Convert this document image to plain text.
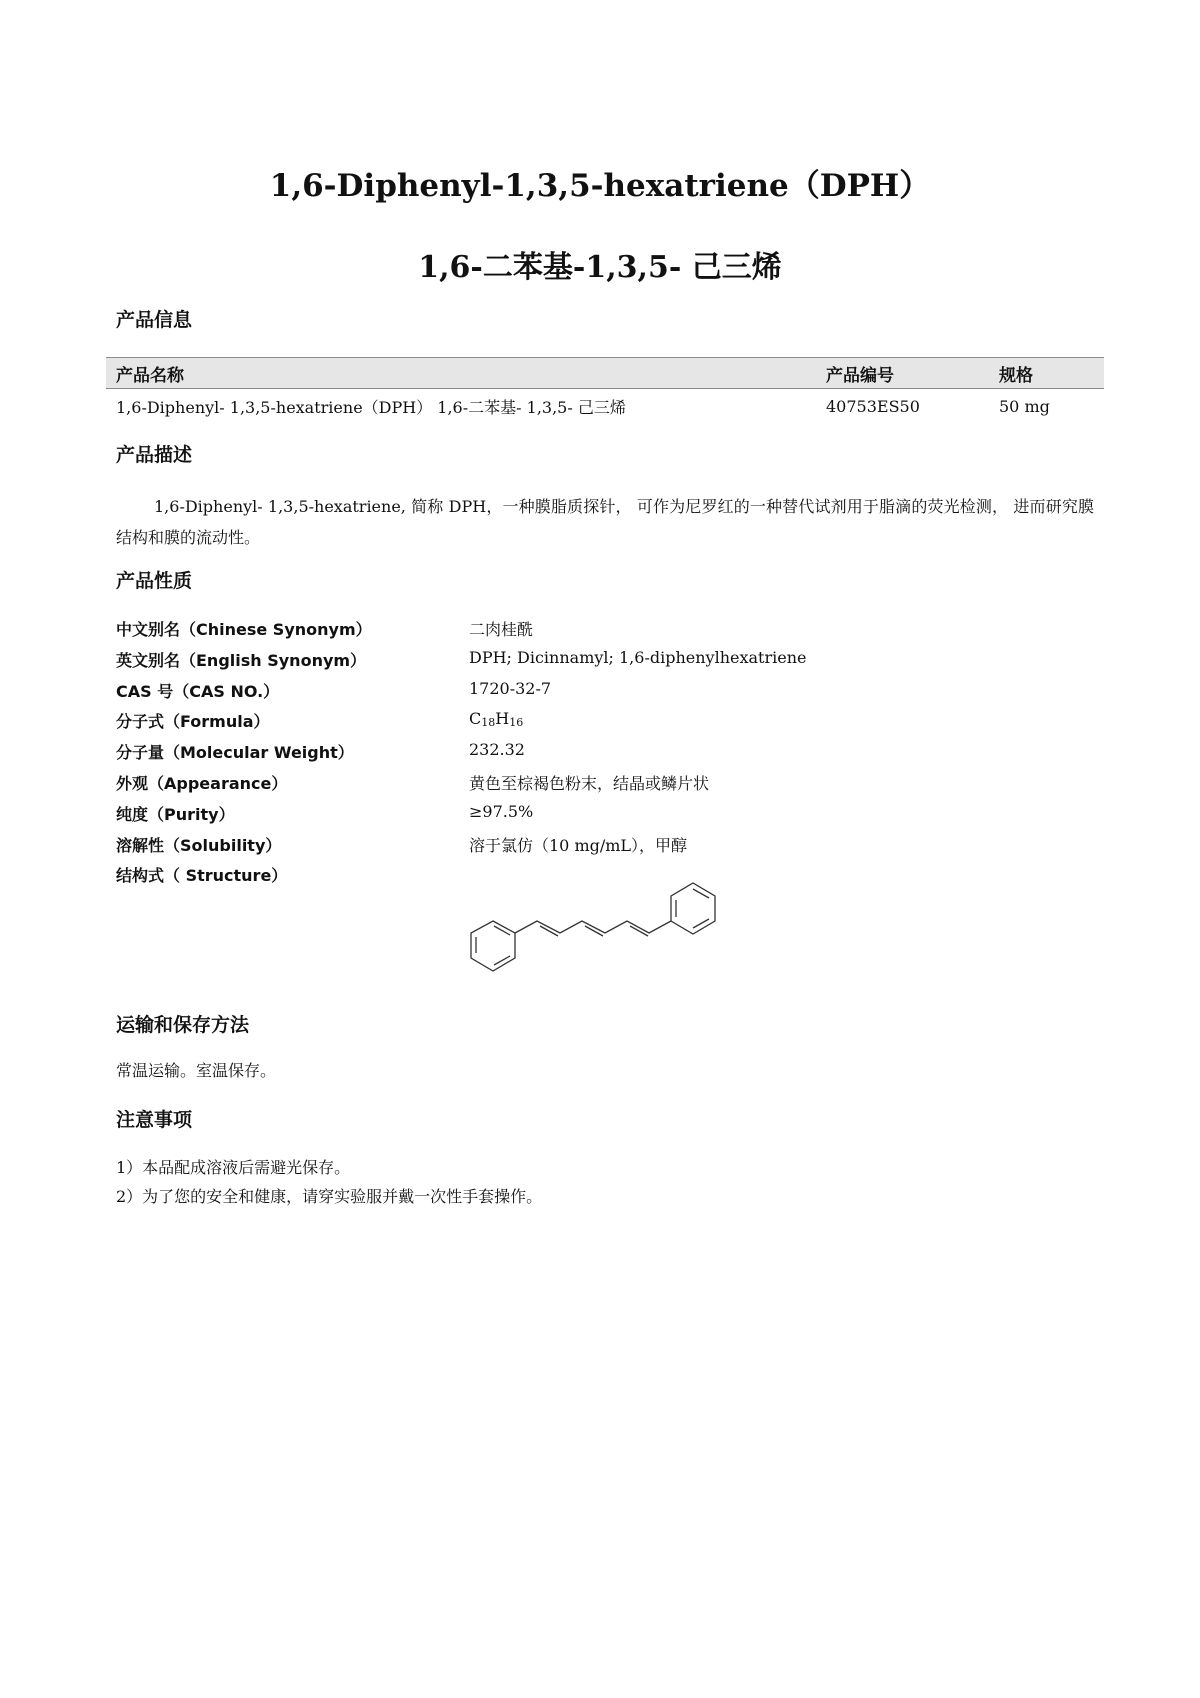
1,6-Diphenyl-1,3,5-hexatriene（DPH）
1,6-二苯基-1,3,5- 己三烯
产品信息
产品名称	产品编号	规格
1,6-Diphenyl- 1,3,5-hexatriene（DPH） 1,6-二苯基- 1,3,5- 己三烯	40753ES50	50 mg
产品描述

1,6-Diphenyl- 1,3,5-hexatriene, 简称 DPH，一种膜脂质探针， 可作为尼罗红的一种替代试剂用于脂滴的荧光检测， 进而研究膜结构和膜的流动性。

产品性质
中文别名（Chinese Synonym）	二肉桂酰
英文别名（English Synonym）	DPH; Dicinnamyl; 1,6-diphenylhexatriene
CAS 号（CAS NO.）	1720-32-7
分子式（Formula）	$C_{18}H_{16}$
分子量（Molecular Weight）	232.32
外观（Appearance）	黄色至棕褐色粉末，结晶或鳞片状
纯度（Purity）	≥97.5%
溶解性（Solubility）	溶于氯仿（10 mg/mL），甲醇
结构式（ Structure）
运输和保存方法

常温运输。室温保存。

注意事项

1）本品配成溶液后需避光保存。

2）为了您的安全和健康，请穿实验服并戴一次性手套操作。
